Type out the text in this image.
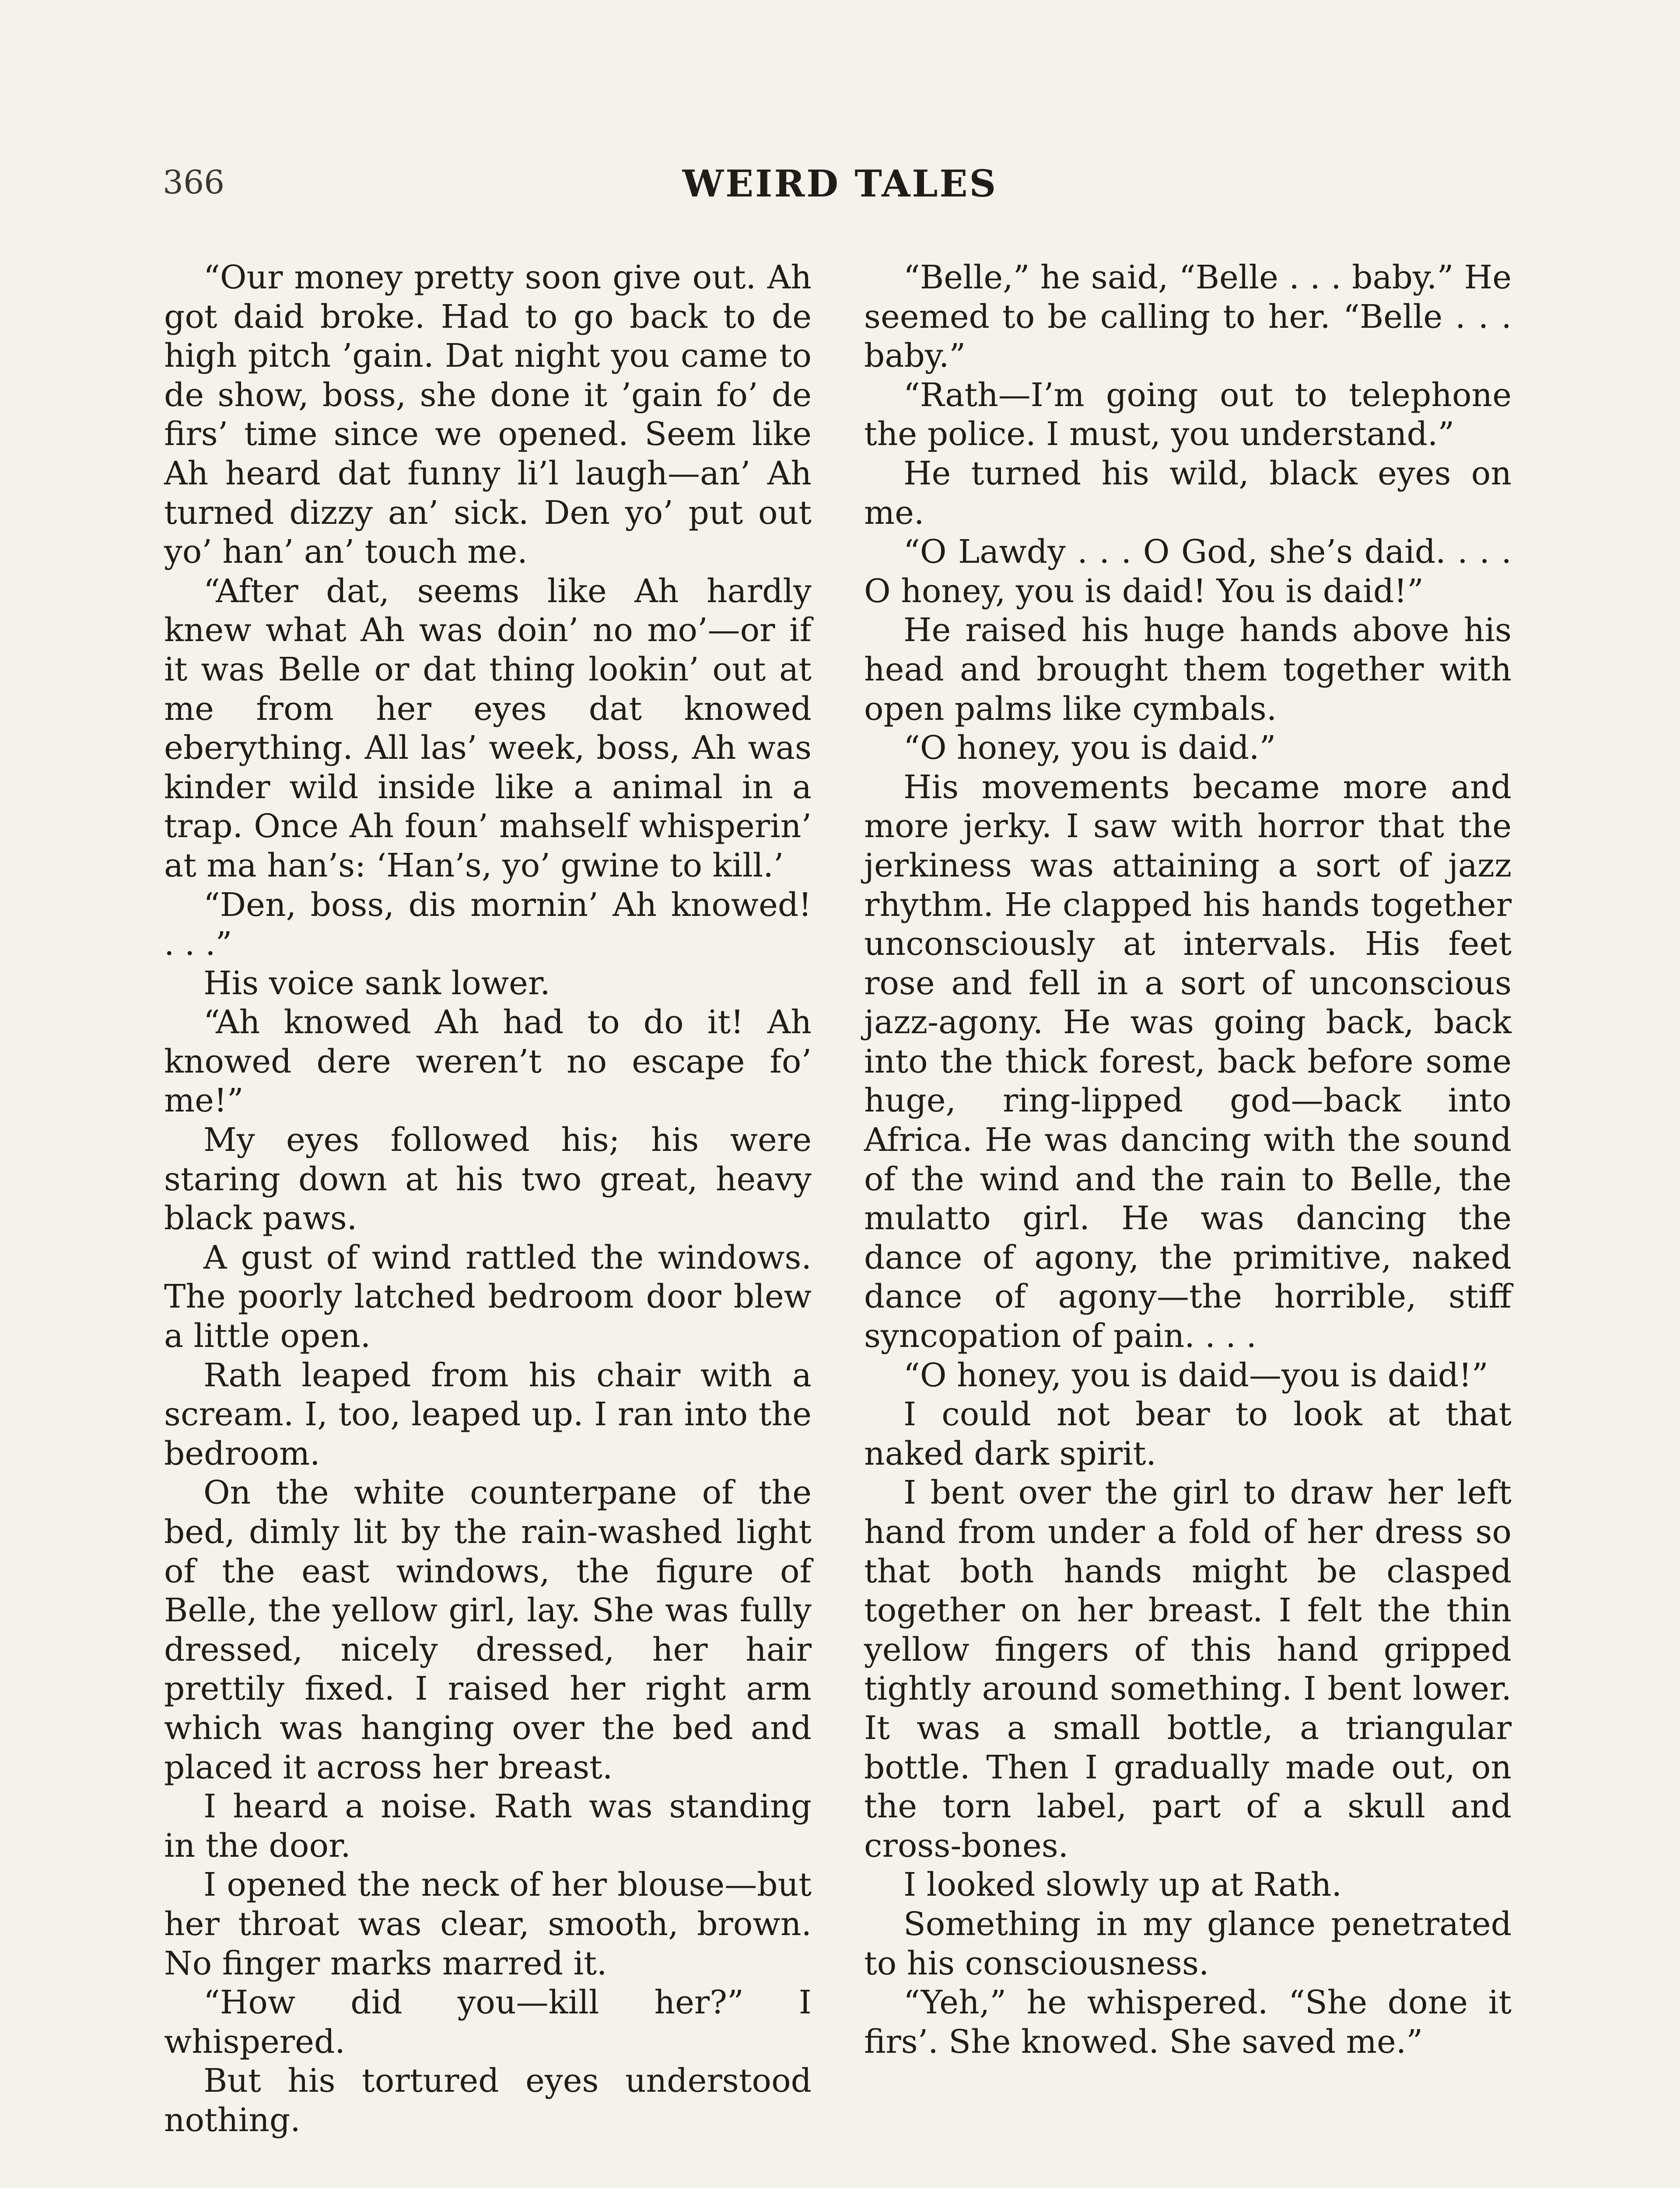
366	WEIRD TALES

“Our money pretty soon give out. Ah got daid broke. Had to go back to de high pitch ’gain. Dat night you came to de show, boss, she done it ’gain fo’ de firs’ time since we opened. Seem like Ah heard dat funny li’l laugh—an’ Ah turned dizzy an’ sick. Den yo’ put out yo’ han’ an’ touch me.

“After dat, seems like Ah hardly knew what Ah was doin’ no mo’—or if it was Belle or dat thing lookin’ out at me from her eyes dat knowed eberything. All las’ week, boss, Ah was kinder wild inside like a animal in a trap. Once Ah foun’ mahself whisperin’ at ma han’s: ‘Han’s, yo’ gwine to kill.’

“Den, boss, dis mornin’ Ah knowed! . . .”

His voice sank lower.

“Ah knowed Ah had to do it! Ah knowed dere weren’t no escape fo’ me!”

My eyes followed his; his were staring down at his two great, heavy black paws.

A gust of wind rattled the windows. The poorly latched bedroom door blew a little open.

Rath leaped from his chair with a scream. I, too, leaped up. I ran into the bedroom.

On the white counterpane of the bed, dimly lit by the rain-washed light of the east windows, the figure of Belle, the yellow girl, lay. She was fully dressed, nicely dressed, her hair prettily fixed. I raised her right arm which was hanging over the bed and placed it across her breast.

I heard a noise. Rath was standing in the door.

I opened the neck of her blouse—but her throat was clear, smooth, brown. No finger marks marred it.

“How did you—kill her?” I whispered.

But his tortured eyes understood nothing.

“Belle,” he said, “Belle . . . baby.” He seemed to be calling to her. “Belle . . . baby.”

“Rath—I’m going out to telephone the police. I must, you understand.”

He turned his wild, black eyes on me.

“O Lawdy . . . O God, she’s daid. . . . O honey, you is daid! You is daid!”

He raised his huge hands above his head and brought them together with open palms like cymbals.

“O honey, you is daid.”

His movements became more and more jerky. I saw with horror that the jerkiness was attaining a sort of jazz rhythm. He clapped his hands together unconsciously at intervals. His feet rose and fell in a sort of unconscious jazz-agony. He was going back, back into the thick forest, back before some huge, ring-lipped god—back into Africa. He was dancing with the sound of the wind and the rain to Belle, the mulatto girl. He was dancing the dance of agony, the primitive, naked dance of agony—the horrible, stiff syncopation of pain. . . .

“O honey, you is daid—you is daid!”

I could not bear to look at that naked dark spirit.

I bent over the girl to draw her left hand from under a fold of her dress so that both hands might be clasped together on her breast. I felt the thin yellow fingers of this hand gripped tightly around something. I bent lower. It was a small bottle, a triangular bottle. Then I gradually made out, on the torn label, part of a skull and cross-bones.

I looked slowly up at Rath.

Something in my glance penetrated to his consciousness.

“Yeh,” he whispered. “She done it firs’. She knowed. She saved me.”
